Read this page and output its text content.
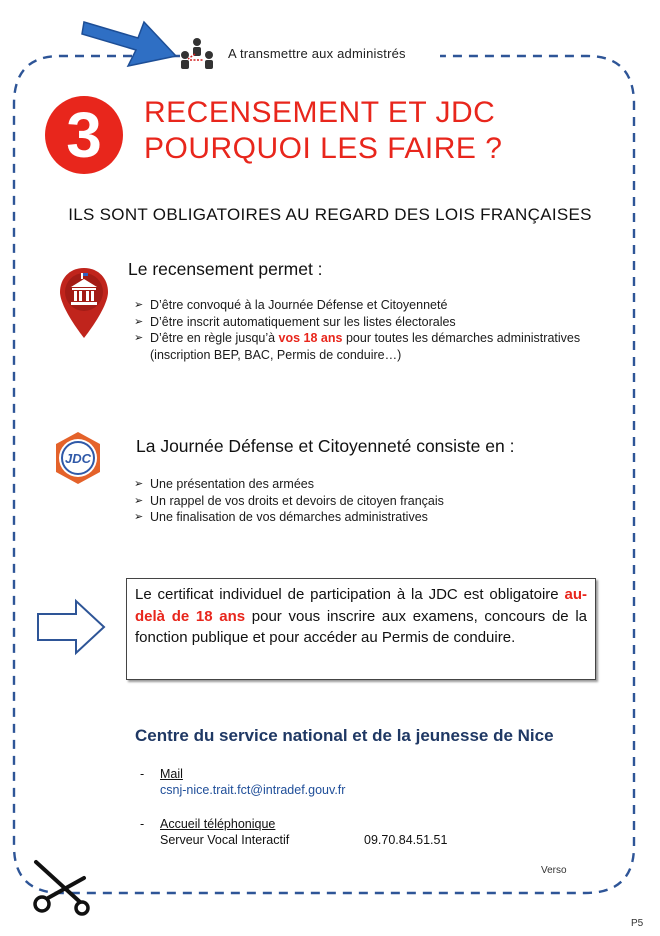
A transmettre aux administrés
3	RECENSEMENT ET JDC
POURQUOI LES FAIRE ?
ILS SONT OBLIGATOIRES AU REGARD DES LOIS FRANÇAISES
Le recensement permet :
➢ D’être convoqué à la Journée Défense et Citoyenneté
➢ D’être inscrit automatiquement sur les listes électorales
➢ D’être en règle jusqu’à vos 18 ans pour toutes les démarches administratives
(inscription BEP, BAC, Permis de conduire…)
JDC
La Journée Défense et Citoyenneté consiste en :
➢ Une présentation des armées
➢ Un rappel de vos droits et devoirs de citoyen français
➢ Une finalisation de vos démarches administratives
Le certificat individuel de participation à la JDC est obligatoire au-delà de 18 ans pour vous inscrire aux examens, concours de la fonction publique et pour accéder au Permis de conduire.
Centre du service national et de la jeunesse de Nice
- Mail
csnj-nice.trait.fct@intradef.gouv.fr
- Accueil téléphonique
Serveur Vocal Interactif	09.70.84.51.51
Verso
P5
